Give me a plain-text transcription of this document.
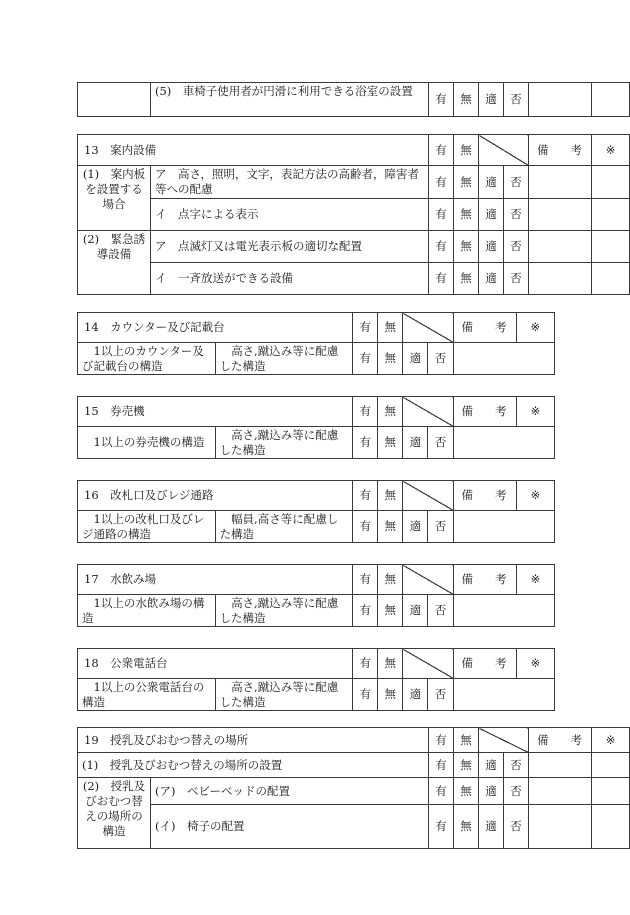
	(5)　車椅子使用者が円滑に利用できる浴室の設置	有	無	適	否		
13　案内設備		有	無			備 考	※
(1)　案内板を設置する場合	ア　高さ，照明，文字，表記方法の高齢者，障害者等への配慮	有	無	適	否		
	イ　点字による表示	有	無	適	否		
(2)　緊急誘導設備	ア　点滅灯又は電光表示板の適切な配置	有	無	適	否		
	イ　一斉放送ができる設備	有	無	適	否		
14　カウンター及び記載台		有	無			備 考	※
1以上のカウンター及び記載台の構造	高さ,蹴込み等に配慮した構造	有	無	適	否		
15　券売機		有	無			備 考	※
1以上の券売機の構造	高さ,蹴込み等に配慮した構造	有	無	適	否		
16　改札口及びレジ通路		有	無			備 考	※
1以上の改札口及びレジ通路の構造	幅員,高さ等に配慮した構造	有	無	適	否		
17　水飲み場		有	無			備 考	※
1以上の水飲み場の構造	高さ,蹴込み等に配慮した構造	有	無	適	否		
18　公衆電話台		有	無			備 考	※
1以上の公衆電話台の構造	高さ,蹴込み等に配慮した構造	有	無	適	否		
19　授乳及びおむつ替えの場所		有	無			備 考	※
(1)　授乳及びおむつ替えの場所の設置		有	無	適	否		
(2)　授乳及びおむつ替えの場所の構造	(ア)　ベビーベッドの配置	有	無	適	否		
	(イ)　椅子の配置	有	無	適	否		
